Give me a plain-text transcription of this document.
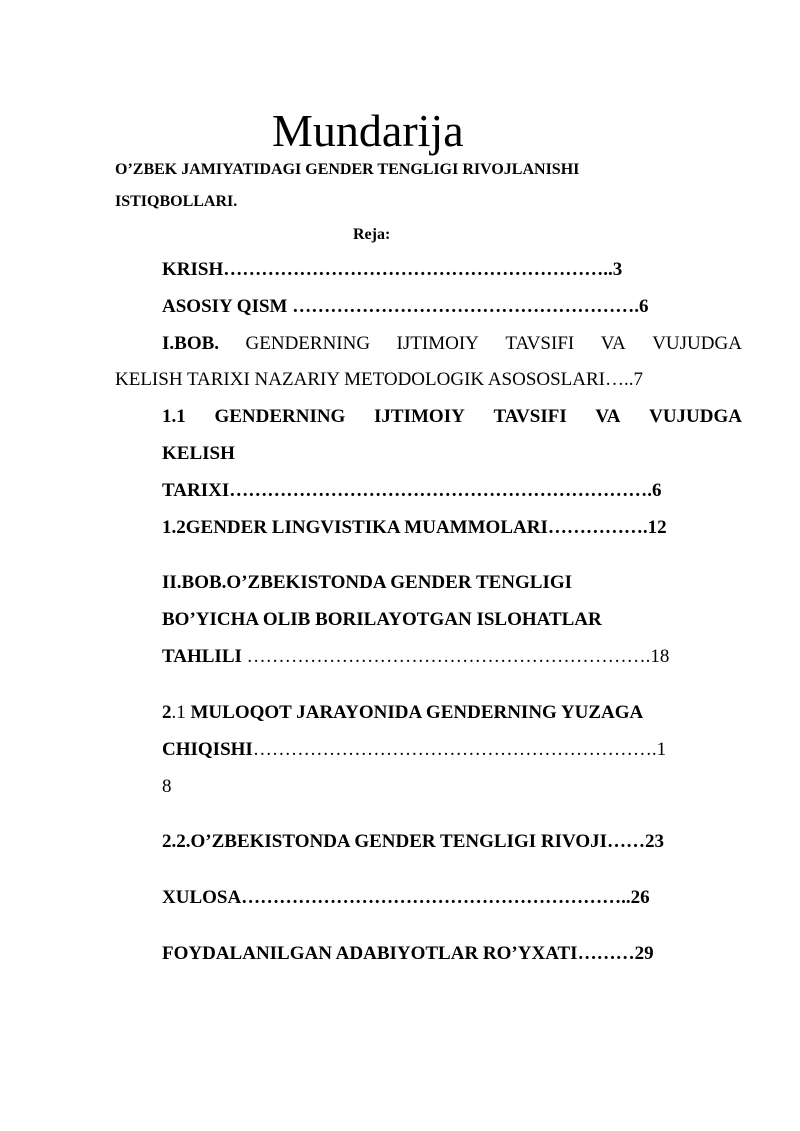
Mundarija
O’ZBEK JAMIYATIDAGI GENDER TENGLIGI RIVOJLANISHI
ISTIQBOLLARI.
Reja:
KRISH……………………………………………………..3
ASOSIY QISM ……………………………………………….6
I.BOB. GENDERNING IJTIMOIY TAVSIFI VA VUJUDGA
KELISH TARIXI NAZARIY METODOLOGIK ASOSOSLARI…..7
1.1 GENDERNING IJTIMOIY TAVSIFI VA VUJUDGA
KELISH
TARIXI………………………………………………………….6
1.2GENDER LINGVISTIKA MUAMMOLARI…………….12
II.BOB.O’ZBEKISTONDA GENDER TENGLIGI
BO’YICHA OLIB BORILAYOTGAN ISLOHATLAR
TAHLILI ……………………………………………………….18
2.1 MULOQOT JARAYONIDA GENDERNING YUZAGA
CHIQISHI……………………………………………………….1
8
2.2.O’ZBEKISTONDA GENDER TENGLIGI RIVOJI……23
XULOSA……………………………………………………..26
FOYDALANILGAN ADABIYOTLAR RO’YXATI………29
